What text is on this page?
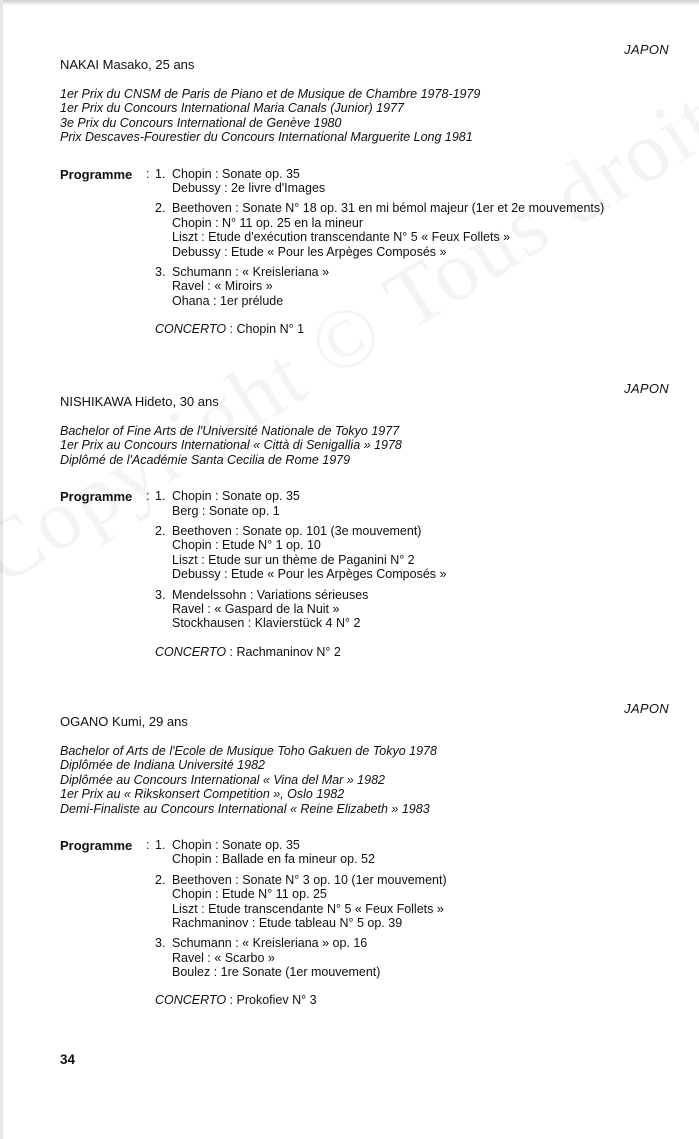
JAPON

NAKAI Masako, 25 ans

1er Prix du CNSM de Paris de Piano et de Musique de Chambre 1978-1979
1er Prix du Concours International Maria Canals (Junior) 1977
3e Prix du Concours International de Genève 1980
Prix Descaves-Fourestier du Concours International Marguerite Long 1981
Programme : 1. Chopin : Sonate op. 35
Debussy : 2e livre d'Images
2. Beethoven : Sonate N° 18 op. 31 en mi bémol majeur (1er et 2e mouvements)
Chopin : N° 11 op. 25 en la mineur
Liszt : Etude d'exécution transcendante N° 5 « Feux Follets »
Debussy : Etude « Pour les Arpèges Composés »
3. Schumann : « Kreisleriana »
Ravel : « Miroirs »
Ohana : 1er prélude
CONCERTO : Chopin N° 1
JAPON

NISHIKAWA Hideto, 30 ans

Bachelor of Fine Arts de l'Université Nationale de Tokyo 1977
1er Prix au Concours International « Città di Senigallia » 1978
Diplômé de l'Académie Santa Cecilia de Rome 1979
Programme : 1. Chopin : Sonate op. 35
Berg : Sonate op. 1
2. Beethoven : Sonate op. 101 (3e mouvement)
Chopin : Etude N° 1 op. 10
Liszt : Etude sur un thème de Paganini N° 2
Debussy : Etude « Pour les Arpèges Composés »
3. Mendelssohn : Variations sérieuses
Ravel : « Gaspard de la Nuit »
Stockhausen : Klavierstück 4 N° 2
CONCERTO : Rachmaninov N° 2
JAPON

OGANO Kumi, 29 ans

Bachelor of Arts de l'Ecole de Musique Toho Gakuen de Tokyo 1978
Diplômée de Indiana Université 1982
Diplômée au Concours International « Vina del Mar » 1982
1er Prix au « Rikskonsert Competition », Oslo 1982
Demi-Finaliste au Concours International « Reine Elizabeth » 1983
Programme : 1. Chopin : Sonate op. 35
Chopin : Ballade en fa mineur op. 52
2. Beethoven : Sonate N° 3 op. 10 (1er mouvement)
Chopin : Etude N° 11 op. 25
Liszt : Etude transcendante N° 5 « Feux Follets »
Rachmaninov : Etude tableau N° 5 op. 39
3. Schumann : « Kreisleriana » op. 16
Ravel : « Scarbo »
Boulez : 1re Sonate (1er mouvement)
CONCERTO : Prokofiev N° 3
34
